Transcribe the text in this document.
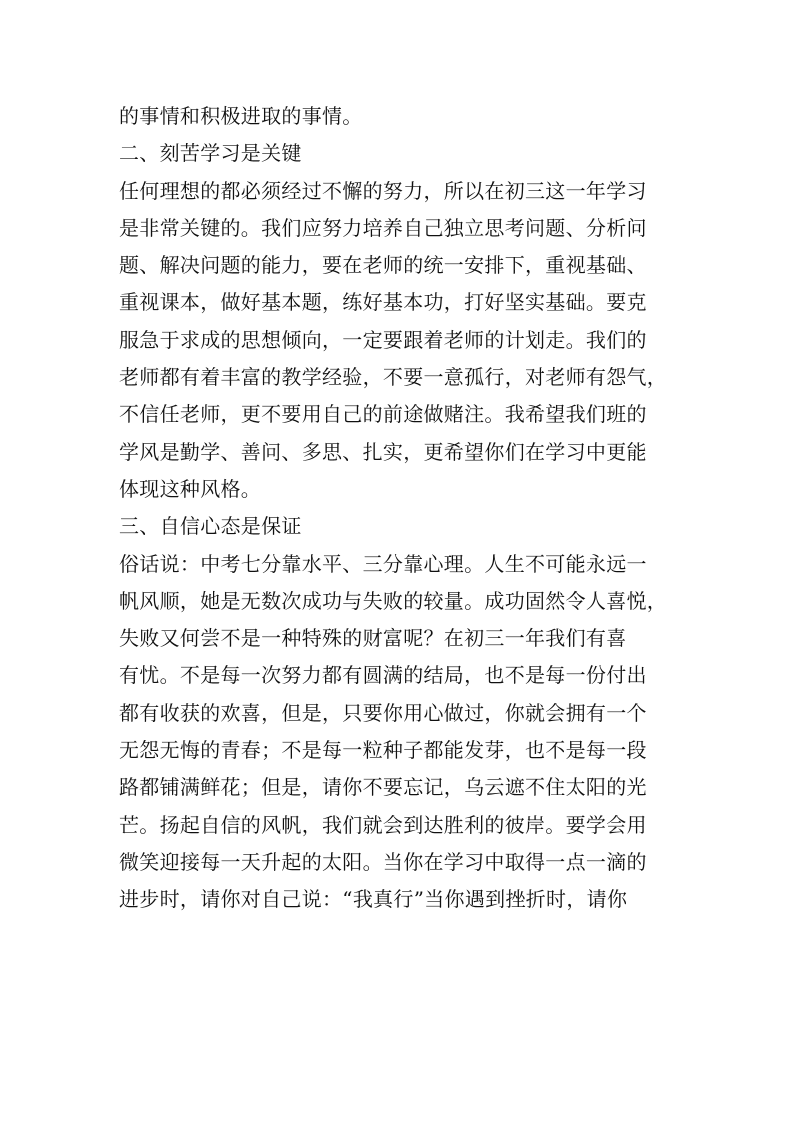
的事情和积极进取的事情。
二、刻苦学习是关键
任何理想的都必须经过不懈的努力，所以在初三这一年学习
是非常关键的。我们应努力培养自己独立思考问题、分析问
题、解决问题的能力，要在老师的统一安排下，重视基础、
重视课本，做好基本题，练好基本功，打好坚实基础。要克
服急于求成的思想倾向，一定要跟着老师的计划走。我们的
老师都有着丰富的教学经验，不要一意孤行，对老师有怨气，
不信任老师，更不要用自己的前途做赌注。我希望我们班的
学风是勤学、善问、多思、扎实，更希望你们在学习中更能
体现这种风格。
三、自信心态是保证
俗话说：中考七分靠水平、三分靠心理。人生不可能永远一
帆风顺，她是无数次成功与失败的较量。成功固然令人喜悦，
失败又何尝不是一种特殊的财富呢？在初三一年我们有喜
有忧。不是每一次努力都有圆满的结局，也不是每一份付出
都有收获的欢喜，但是，只要你用心做过，你就会拥有一个
无怨无悔的青春；不是每一粒种子都能发芽，也不是每一段
路都铺满鲜花；但是，请你不要忘记，乌云遮不住太阳的光
芒。扬起自信的风帆，我们就会到达胜利的彼岸。要学会用
微笑迎接每一天升起的太阳。当你在学习中取得一点一滴的
进步时，请你对自己说：“我真行”当你遇到挫折时，请你
